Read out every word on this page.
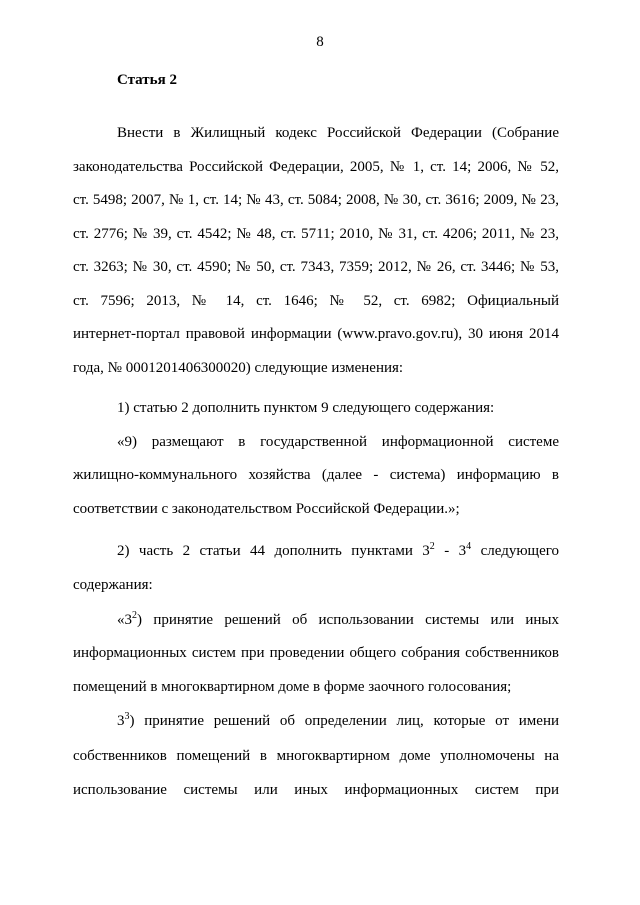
8
Статья 2
Внести в Жилищный кодекс Российской Федерации (Собрание
законодательства Российской Федерации, 2005, № 1, ст. 14; 2006, № 52,
ст. 5498; 2007, № 1, ст. 14; № 43, ст. 5084; 2008, № 30, ст. 3616; 2009, № 23,
ст. 2776; № 39, ст. 4542; № 48, ст. 5711; 2010, № 31, ст. 4206; 2011, № 23,
ст. 3263; № 30, ст. 4590; № 50, ст. 7343, 7359; 2012, № 26, ст. 3446; № 53,
ст. 7596; 2013, № 14, ст. 1646; № 52, ст. 6982; Официальный
интернет-портал правовой информации (www.pravo.gov.ru), 30 июня 2014
года, № 0001201406300020) следующие изменения:
1) статью 2 дополнить пунктом 9 следующего содержания:
«9) размещают в государственной информационной системе
жилищно-коммунального хозяйства (далее - система) информацию в
соответствии с законодательством Российской Федерации.»;
2) часть 2 статьи 44 дополнить пунктами $3^2 - 3^4$ следующего
содержания:
«$3^2$) принятие решений об использовании системы или иных
информационных систем при проведении общего собрания собственников
помещений в многоквартирном доме в форме заочного голосования;
$3^3$) принятие решений об определении лиц, которые от имени
собственников помещений в многоквартирном доме уполномочены на
использование системы или иных информационных систем при
